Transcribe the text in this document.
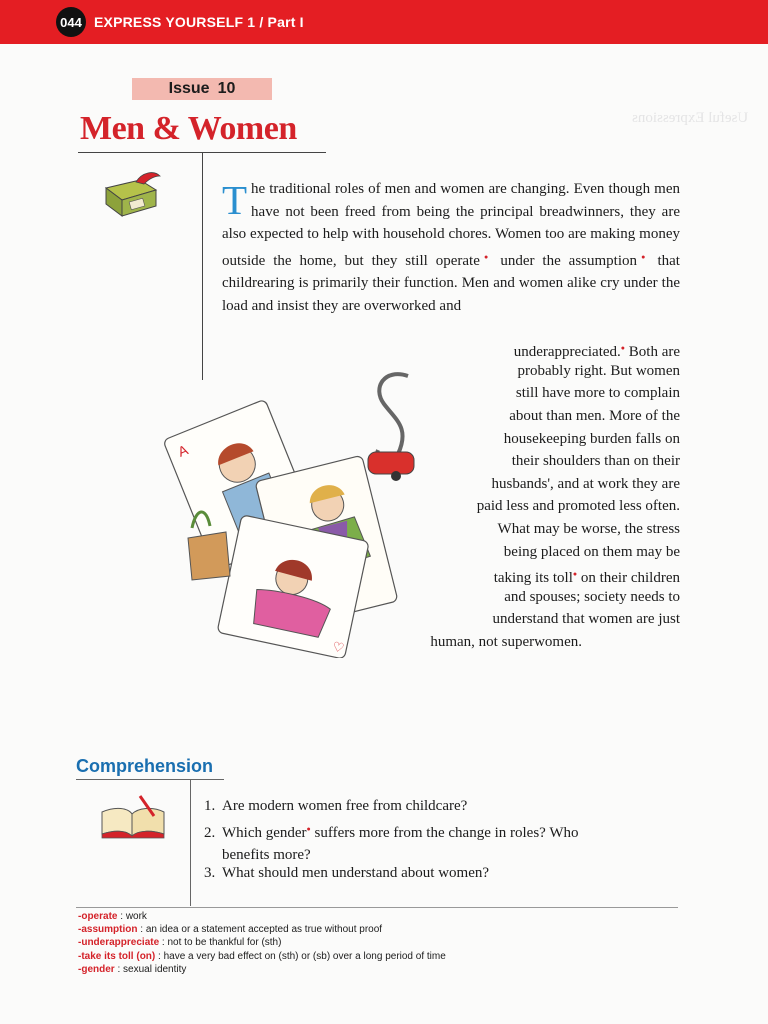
Useful Expressions
044 EXPRESS YOURSELF 1 / Part I
Issue 10
Men & Women
The traditional roles of men and women are changing. Even though men have not been freed from being the principal breadwinners, they are also expected to help with household chores. Women too are making money outside the home, but they still operate● under the assumption● that childrearing is primarily their function. Men and women alike cry under the load and insist they are overworked and
underappreciated.● Both are
probably right. But women
still have more to complain
about than men. More of the
housekeeping burden falls on
their shoulders than on their
husbands', and at work they are
paid less and promoted less often.
What may be worse, the stress
being placed on them may be
taking its toll● on their children
and spouses; society needs to
understand that women are just
human, not superwomen.
A
♡
Comprehension
1. Are modern women free from childcare?
2. Which gender● suffers more from the change in roles? Who
benefits more?
3. What should men understand about women?
-operate : work
-assumption : an idea or a statement accepted as true without proof
-underappreciate : not to be thankful for (sth)
-take its toll (on) : have a very bad effect on (sth) or (sb) over a long period of time
-gender : sexual identity
